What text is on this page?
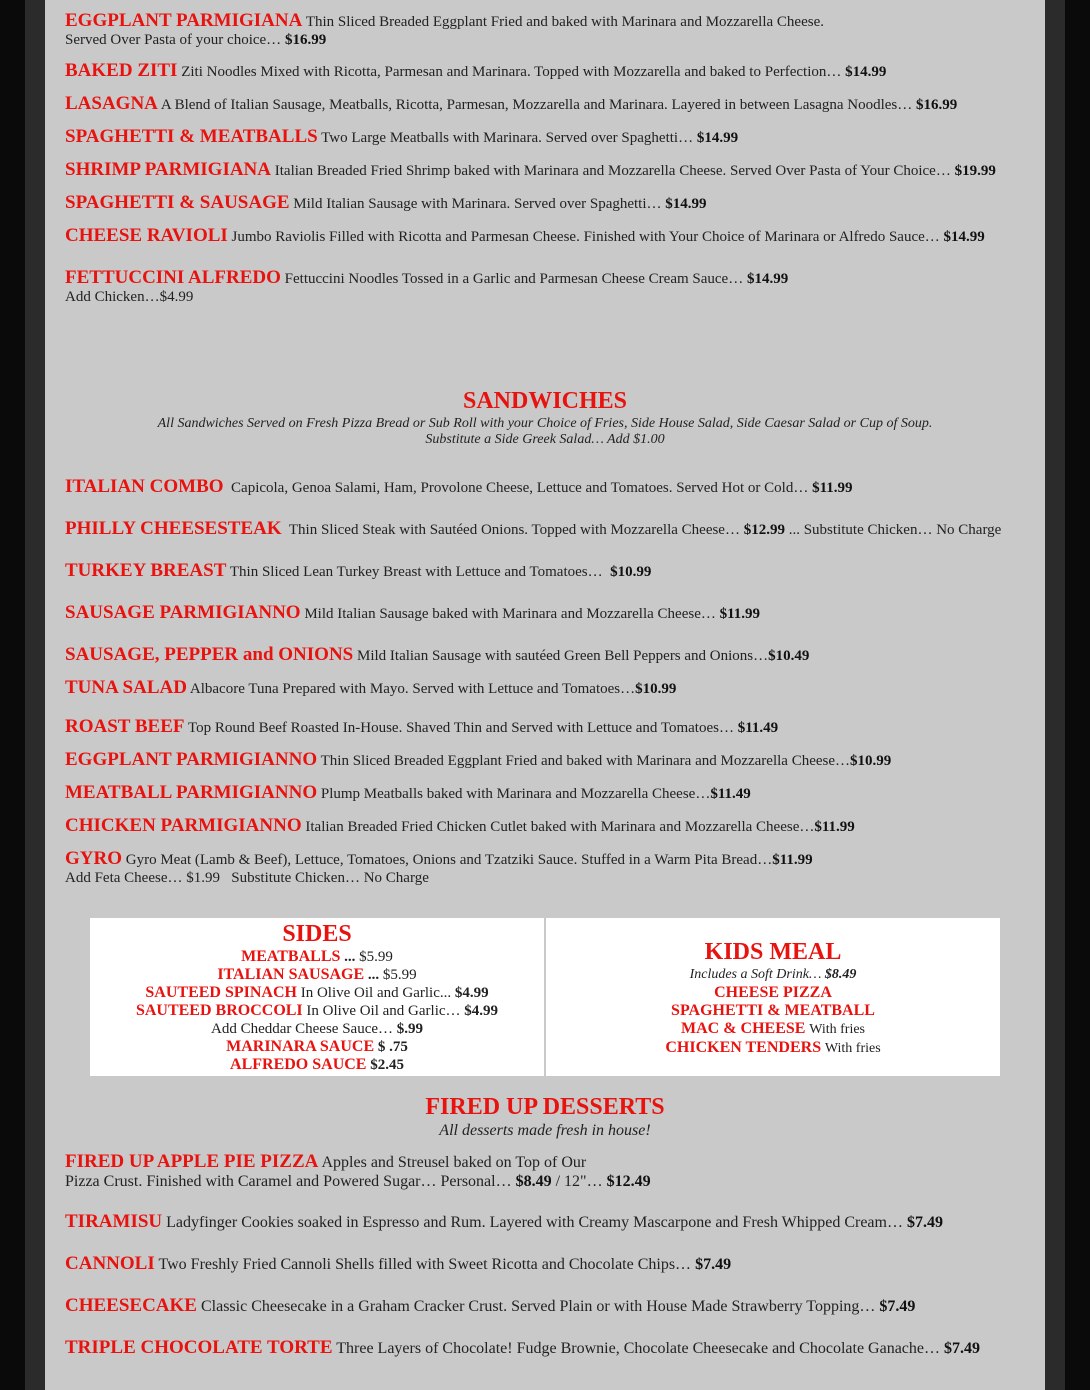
EGGPLANT PARMIGIANA Thin Sliced Breaded Eggplant Fried and baked with Marinara and Mozzarella Cheese.
Served Over Pasta of your choice… $16.99
BAKED ZITI Ziti Noodles Mixed with Ricotta, Parmesan and Marinara. Topped with Mozzarella and baked to Perfection… $14.99
LASAGNA A Blend of Italian Sausage, Meatballs, Ricotta, Parmesan, Mozzarella and Marinara. Layered in between Lasagna Noodles… $16.99
SPAGHETTI & MEATBALLS Two Large Meatballs with Marinara. Served over Spaghetti… $14.99
SHRIMP PARMIGIANA Italian Breaded Fried Shrimp baked with Marinara and Mozzarella Cheese. Served Over Pasta of Your Choice… $19.99
SPAGHETTI & SAUSAGE Mild Italian Sausage with Marinara. Served over Spaghetti… $14.99
CHEESE RAVIOLI Jumbo Raviolis Filled with Ricotta and Parmesan Cheese. Finished with Your Choice of Marinara or Alfredo Sauce… $14.99
FETTUCCINI ALFREDO Fettuccini Noodles Tossed in a Garlic and Parmesan Cheese Cream Sauce… $14.99
Add Chicken…$4.99
SANDWICHES
All Sandwiches Served on Fresh Pizza Bread or Sub Roll with your Choice of Fries, Side House Salad, Side Caesar Salad or Cup of Soup.
Substitute a Side Greek Salad… Add $1.00
ITALIAN COMBO Capicola, Genoa Salami, Ham, Provolone Cheese, Lettuce and Tomatoes. Served Hot or Cold… $11.99
PHILLY CHEESESTEAK Thin Sliced Steak with Sautéed Onions. Topped with Mozzarella Cheese… $12.99 ... Substitute Chicken… No Charge
TURKEY BREAST Thin Sliced Lean Turkey Breast with Lettuce and Tomatoes… $10.99
SAUSAGE PARMIGIANNO Mild Italian Sausage baked with Marinara and Mozzarella Cheese… $11.99
SAUSAGE, PEPPER and ONIONS Mild Italian Sausage with sautéed Green Bell Peppers and Onions…$10.49
TUNA SALAD Albacore Tuna Prepared with Mayo. Served with Lettuce and Tomatoes…$10.99
ROAST BEEF Top Round Beef Roasted In-House. Shaved Thin and Served with Lettuce and Tomatoes… $11.49
EGGPLANT PARMIGIANNO Thin Sliced Breaded Eggplant Fried and baked with Marinara and Mozzarella Cheese…$10.99
MEATBALL PARMIGIANNO Plump Meatballs baked with Marinara and Mozzarella Cheese…$11.49
CHICKEN PARMIGIANNO Italian Breaded Fried Chicken Cutlet baked with Marinara and Mozzarella Cheese…$11.99
GYRO Gyro Meat (Lamb & Beef), Lettuce, Tomatoes, Onions and Tzatziki Sauce. Stuffed in a Warm Pita Bread…$11.99
Add Feta Cheese… $1.99   Substitute Chicken… No Charge
SIDES
MEATBALLS ... $5.99
ITALIAN SAUSAGE ... $5.99
SAUTEED SPINACH In Olive Oil and Garlic... $4.99
SAUTEED BROCCOLI In Olive Oil and Garlic… $4.99
Add Cheddar Cheese Sauce… $.99
MARINARA SAUCE $ .75
ALFREDO SAUCE $2.45
KIDS MEAL
Includes a Soft Drink… $8.49
CHEESE PIZZA
SPAGHETTI & MEATBALL
MAC & CHEESE With fries
CHICKEN TENDERS With fries
FIRED UP DESSERTS
All desserts made fresh in house!
FIRED UP APPLE PIE PIZZA Apples and Streusel baked on Top of Our
Pizza Crust. Finished with Caramel and Powered Sugar… Personal… $8.49 / 12"… $12.49
TIRAMISU Ladyfinger Cookies soaked in Espresso and Rum. Layered with Creamy Mascarpone and Fresh Whipped Cream… $7.49
CANNOLI Two Freshly Fried Cannoli Shells filled with Sweet Ricotta and Chocolate Chips… $7.49
CHEESECAKE Classic Cheesecake in a Graham Cracker Crust. Served Plain or with House Made Strawberry Topping… $7.49
TRIPLE CHOCOLATE TORTE Three Layers of Chocolate! Fudge Brownie, Chocolate Cheesecake and Chocolate Ganache… $7.49
